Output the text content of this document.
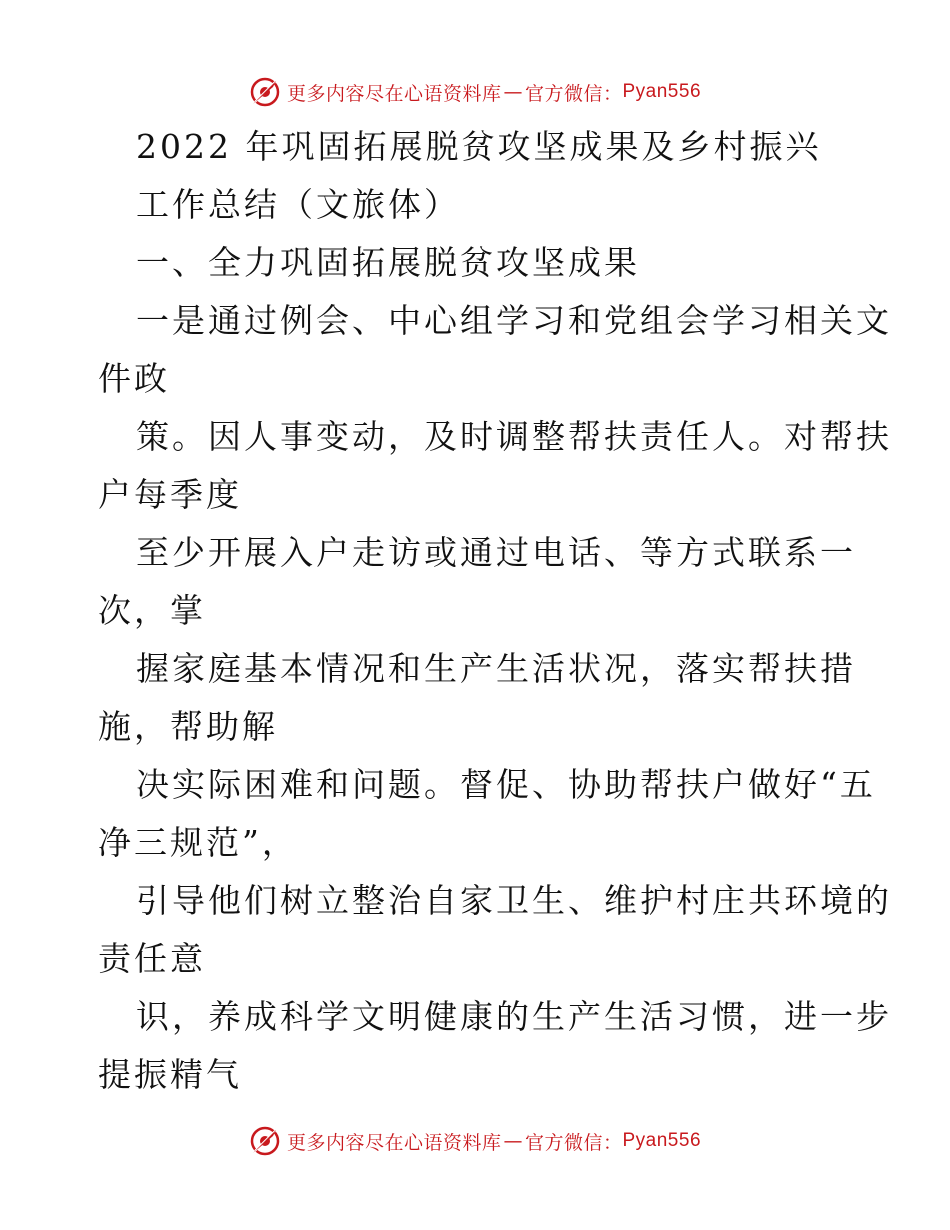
更多内容尽在心语资料库 — 官方微信： Pyan556
2022 年巩固拓展脱贫攻坚成果及乡村振兴
工作总结（文旅体）
一、全力巩固拓展脱贫攻坚成果
一是通过例会、中心组学习和党组会学习相关文
件政
策。因人事变动，及时调整帮扶责任人。对帮扶
户每季度
至少开展入户走访或通过电话、等方式联系一
次，掌
握家庭基本情况和生产生活状况，落实帮扶措
施，帮助解
决实际困难和问题。督促、协助帮扶户做好“五
净三规范”，
引导他们树立整治自家卫生、维护村庄共环境的
责任意
识，养成科学文明健康的生产生活习惯，进一步
提振精气
更多内容尽在心语资料库 — 官方微信： Pyan556
